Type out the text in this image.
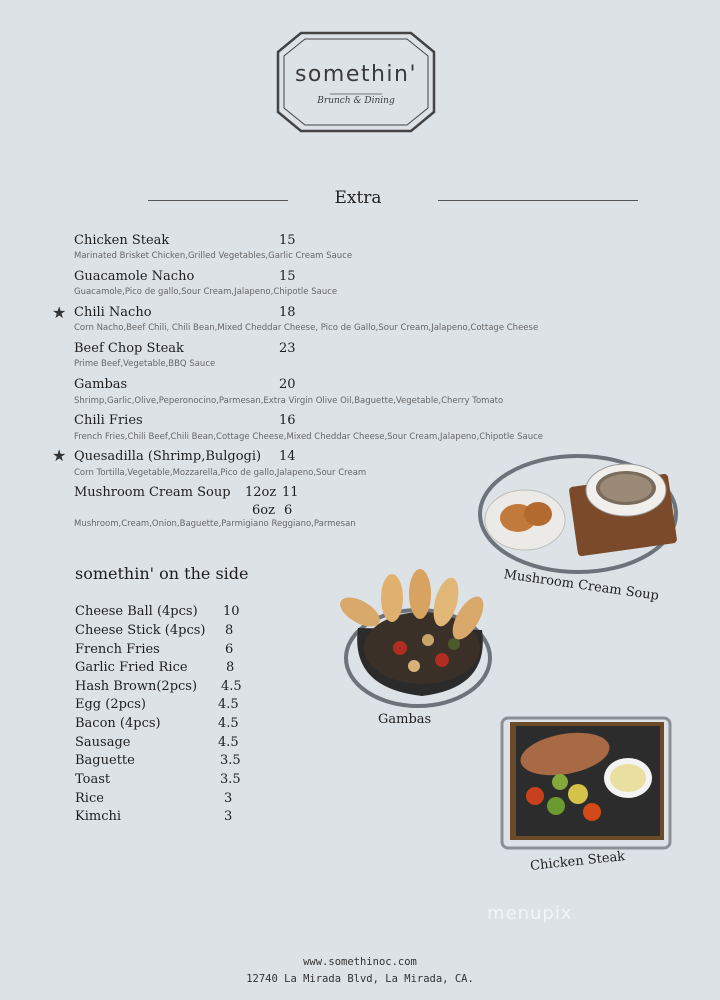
somethin'
Brunch & Dining
Extra
Chicken Steak	15
Marinated Brisket Chicken,Grilled Vegetables,Garlic Cream Sauce
Guacamole Nacho	15
Guacamole,Pico de gallo,Sour Cream,Jalapeno,Chipotle Sauce
★ Chili Nacho	18
Corn Nacho,Beef Chili, Chili Bean,Mixed Cheddar Cheese, Pico de Gallo,Sour Cream,Jalapeno,Cottage Cheese
Beef Chop Steak	23
Prime Beef,Vegetable,BBQ Sauce
Gambas	20
Shrimp,Garlic,Olive,Peperonocino,Parmesan,Extra Virgin Olive Oil,Baguette,Vegetable,Cherry Tomato
Chili Fries	16
French Fries,Chili Beef,Chili Bean,Cottage Cheese,Mixed Cheddar Cheese,Sour Cream,Jalapeno,Chipotle Sauce
★ Quesadilla (Shrimp,Bulgogi) 14
Corn Tortilla,Vegetable,Mozzarella,Pico de gallo,Jalapeno,Sour Cream
Mushroom Cream Soup 12oz 11
6oz 6
Mushroom,Cream,Onion,Baguette,Parmigiano Reggiano,Parmesan
somethin' on the side
Cheese Ball (4pcs) 10
Cheese Stick (4pcs) 8
French Fries	6
Garlic Fried Rice	8
Hash Brown(2pcs) 4.5
Egg (2pcs)	4.5
Bacon (4pcs)	4.5
Sausage	4.5
Baguette	3.5
Toast	3.5
Rice	3
Kimchi	3
Mushroom Cream Soup
Gambas
Chicken Steak
menupix
www.somethinoc.com
12740 La Mirada Blvd, La Mirada, CA.
